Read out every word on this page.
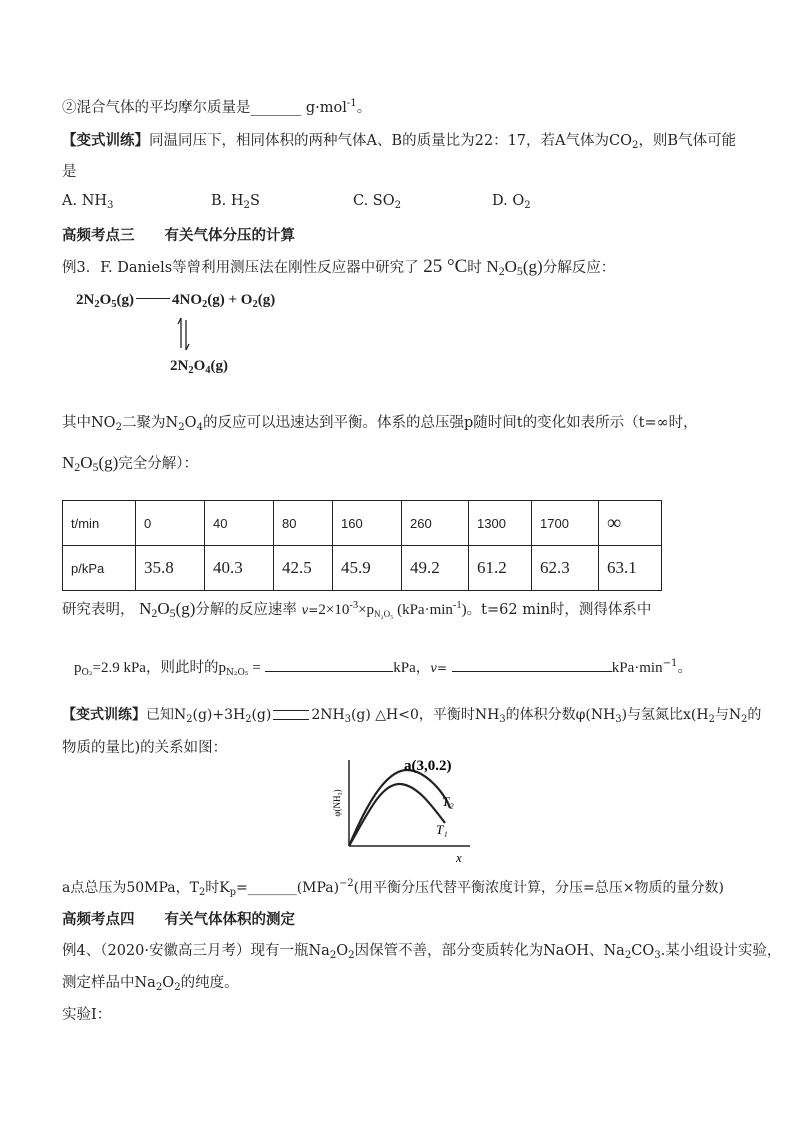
②混合气体的平均摩尔质量是_______ g·mol$^{-1}$。
【变式训练】同温同压下，相同体积的两种气体A、B的质量比为22：17，若A气体为$CO_2$，则B气体可能
是
A. $NH_3$	B. $H_2S$	C. $SO_2$	D. $O_2$
高频考点三 有关气体分压的计算
例3．F. Daniels等曾利用测压法在刚性反应器中研究了 25 °C时 $N_2O_5(g)$分解反应：
$2N_2O_5(g)$	$4NO_2(g) + O_2(g)$
$2N_2O_4(g)$
其中$NO_2$二聚为$N_2O_4$的反应可以迅速达到平衡。体系的总压强p随时间t的变化如表所示（t=∞时，
$N_2O_5(g)$完全分解）：
t/min	0	40	80	160	260	1300	1700	∞
p/kPa	35.8	40.3	42.5	45.9	49.2	61.2	62.3	63.1
研究表明， $N_2O_5(g)$分解的反应速率 $v=2\times 10^{-3}\times p_{N_2O_5}$ $(kPa\cdot\min^{-1})$。t=62 min时，测得体系中
$p_{O_2}=2.9$ kPa，则此时的$p_{N_2O_5}$ =	kPa，v=	$kPa\cdot\min^{-1}$。
【变式训练】已知$N_2(g)+3H_2(g)$	$2NH_3(g)$ △H<0，平衡时$NH_3$的体积分数$\varphi(NH_3)$与氢氮比$x(H_2$与$N_2$的
物质的量比)的关系如图：
φ(NH₃)
a(3,0.2)
T₂
T₁
x
a点总压为50MPa，$T_2$时$K_p=\_\_\_\_\_\_\_(MPa)^{-2}$(用平衡分压代替平衡浓度计算，分压=总压×物质的量分数)
高频考点四 有关气体体积的测定
例4、（2020·安徽高三月考）现有一瓶$Na_2O_2$因保管不善，部分变质转化为NaOH、$Na_2CO_3$.某小组设计实验，
测定样品中$Na_2O_2$的纯度。
实验Ⅰ：
